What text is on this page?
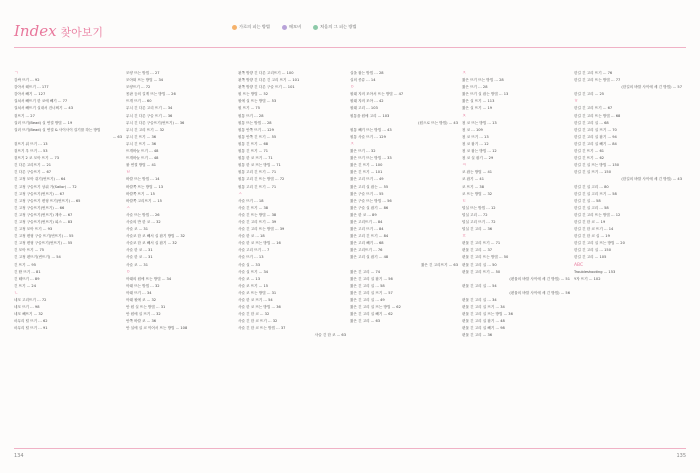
Index 찾아보기	가로의 피는 방법	메모비	처음의 그 피는 방법
ㄱ
감싸 뜨기 … 92
감아서 떼뜨기 … 177
감아서 빼기 … 127
걸쳐서 빼뜨기 한 코에 빼기 … 77
걸쳐서 빼뜨기 실내서 건너띄기 … 43
겉뜨기 … 27
걸러 뜨기(Bead) 실 연결 방법 … 19
걸러 뜨기(Bead) 실 연결 & 사이사이 걸기를 하는 방법
… 63
겉뜨기 위 뜨기 … 13
겉뜨기 우 뜨기 … 53
겉뜨기 2 코 모아 뜨기 … 73
긴 다른 고리뜨기 … 21
긴 다른 구슬뜨기 … 67
긴 고정 모아 쥐기(번뜨기) … 64
긴 고정 구슬뜨기 상위 가(Sailor) … 72
긴 고정 구슬뜨기(번뜨기) … 67
긴 고정 구슬뜨기 변형 뜨기(번뜨기) … 65
긴 고정 구슬뜨기(번뜨기) … 66
긴 고정 구슬뜨기(번뜨기) 계속 … 67
긴 고정 구슬뜨기(번뜨기) 피스 … 83
긴 고정 모아 뜨기 … 93
긴 고정 변형 구슬 뜨기(번뜨기) … 55
긴 고정 변형 구슬뜨기(번뜨기) … 55
긴 모아 뜨기 … 75
긴 고정 편뜨기(번뜨기) … 54
긴 뜨기 … 95
긴 딴 뜨기 … 81
긴 떼뜨기 … 89
긴 뜨기 … 24
ㄴ
네모 고리뜨기 … 72
네모 뜨기 … 98
네모 빼뜨기 … 32
마무리 털 뜨기 … 62
마무리 털 뜨기 … 91
모양 뜨는 방법 … 27
모아떠 뜨는 방법 … 34
모양뜨기 … 72
몸판 등의 길게 뜨는 방법 … 26
뜨개 뜨기 … 60
무늬 긴 다른 고리 뜨기 … 34
무늬 긴 다른 구슬 뜨기 … 36
무늬 긴 다른 구슬뜨기(번뜨기) … 36
무늬 긴 고리 뜨기 … 32
무늬 긴 뜨기 … 36
무늬 긴 뜨기 … 36
뜨개바늘 뜨기 … 48
뜨개바늘 뜨기 … 48
불 연결 방법 … 41
ㅂ
바깥 뜨는 방법 … 14
바깥쪽 뜨는 방법 … 13
바깥쪽 뜨기 … 15
바깥쪽 고리뜨기 … 15
ㅅ
사슬 뜨는 방법 … 26
사슬의 반 한 코 … 32
사슬 코 … 31
사슬코 한 코 빼서 실 잡기 방법 … 32
사슬코 한 코 빼서 실 잡기 … 32
사슬 한 코 … 31
사슬 한 코 … 31
사슬 코 … 31
ㅇ
아래의 원에 뜨는 방법 … 34
아래 뜨는 방법 … 32
아래 뜨기 … 34
아래 원에 코 … 32
안 원 실 뜨는 방법 … 31
안 원에 실 뜨기 … 32
안쪽 바깥 코 … 36
안 실에 실 코 이어서 뜨는 방법 … 108
왼쪽 방향 긴 다른 고리뜨기 … 100
왼쪽 방향 긴 다른 긴 고리 뜨기 … 101
왼쪽 방향 긴 다른 구슬 뜨기 … 101
원 뜨는 방법 … 52
원에 실 뜨는 방법 … 53
원 뜨기 … 75
원통 뜨기 … 28
원통 뜨는 방법 … 28
원통 안쪽 뜨기 … 129
원통 안쪽 긴 뜨기 … 55
원통 긴 뜨기 … 68
원통 긴 뜨기 … 71
원통 한 코 뜨기 … 71
원통 한 코 뜨는 방법 … 71
원통 고리 긴 뜨기 … 71
원통 고리 긴 뜨는 방법 … 72
원통 고리 긴 뜨기 … 71
ㅅ
사슬 뜨기 … 18
사슬 긴 뜨기 … 38
사슬 긴 뜨는 방법 … 38
사슬 긴 고리 뜨기 … 39
사슬 긴 고리 뜨는 방법 … 39
사슬 한 코 … 18
사슬 한 코 뜨는 방법 … 16
사슬 고리 뜨기 … 7
사슬 뜨기 … 13
사슬 실 … 33
사슬 실 뜨기 … 34
사슬 코 … 13
사슬 코 뜨기 … 15
사슬 코 뜨는 방법 … 31
사슬 한 코 뜨기 … 54
사슬 한 코 뜨는 방법 … 36
사슬 긴 한 코 … 32
사슬 긴 한 코 뜨기 … 32
사슬 긴 한 코 뜨는 방법 … 37
사슬 긴 한 코 … 63
실을 잡는 방법 … 28
실의 종류 … 14
ㅇ
원래 지켜 모아서 뜨는 방법 … 47
원래 지켜 모아 … 42
원래 고리 … 103
원통을 원에 고리 … 103
(원으로 뜨는 방법) … 43
원통 빼기 뜨는 방법 … 43
원통 사슬 뜨기 … 129
ㅈ
짧은 뜨기 … 32
짧은 뜨기 뜨는 방법 … 33
짧은 긴 뜨기 … 100
짧은 긴 뜨기 … 101
짧은 고리 뜨기 … 49
짧은 고리 실 잡는 … 55
짧은 구슬 뜨기 … 55
짧은 구슬 뜨는 방법 … 56
짧은 구슬 실 잡기 … 86
짧은 한 코 … 89
짧은 고리뜨기 … 84
짧은 고리 뜨기 … 84
짧은 고리 긴 뜨기 … 84
짧은 고리 빼기 … 68
짧은 고리뜨기 … 76
짧은 고리 실 잡기 … 48
짧은 긴 고리뜨기 … 63
짧은 긴 고리 … 74
짧은 긴 고리 실 잡기 … 56
짧은 긴 고리 실 … 58
짧은 긴 고리 실 뜨기 … 57
짧은 긴 고리 실 … 49
짧은 긴 고리 실 뜨는 방법 … 62
짧은 긴 고리 실 빼기 … 62
짧은 긴 고리 … 63
ㅈ
짧은 뜨기 뜨는 방법 … 28
짧은 뜨기 … 28
짧은 뜨기 실 잡는 방법 … 13
짧은 실 뜨기 … 113
짧은 실 뜨기 … 19
ㅊ
첫 코 뜨는 방법 … 13
첫 코 … 109
첫 코 뜨기 … 13
첫 코 잡기 … 12
첫 코 잡는 방법 … 12
첫 코 실 잡기 … 29
ㅋ
코 잡는 방법 … 41
코 잡기 … 41
코 뜨기 … 38
코 뜨는 방법 … 32
ㅌ
털실 뜨는 방법 … 12
털실 고리 … 72
털실 고리 뜨기 … 72
털실 긴 고리 … 36
ㅍ
편물 긴 고리 뜨기 … 71
편물 긴 고리 … 37
편물 긴 고리 뜨는 방법 … 50
편물 긴 고리 실 … 50
편물 긴 고리 뜨기 … 50
(편물의 바깥 사이에 세 긴 방법) … 51
편물 긴 고리 실 … 54
(편물의 바깥 사이에 세 긴 방법) … 56
편물 긴 고리 실 … 34
편물 긴 고리 실 뜨기 … 34
편물 긴 고리 실 뜨는 방법 … 36
편물 긴 고리 실 잡기 … 48
편물 긴 고리 실 빼기 … 98
편물 긴 고리 … 36
한길 긴 고리 뜨기 … 76
한길 긴 고리 뜨는 방법 … 77
(한길의 바깥 사이에 세 긴 방법) … 57
한길 긴 고리 … 25
ㅎ
한길 긴 고리 뜨기 … 67
한길 긴 고리 뜨는 방법 … 68
한길 긴 고리 실 … 68
한길 긴 고리 실 뜨기 … 70
한길 긴 고리 실 잡기 … 94
한길 긴 고리 실 빼기 … 84
한길 긴 뜨기 … 61
한길 긴 뜨기 … 62
한길 긴 실 뜨는 방법 … 150
한길 긴 실 뜨기 … 150
(한길의 바깥 사이에 세 긴 방법) … 43
한길 긴 실 고리 … 80
한길 긴 실 고리 뜨기 … 58
한길 긴 실 … 58
한길 긴 실 고리 … 58
한길 긴 고리 뜨는 방법 … 12
한길 긴 한 코 … 19
한길 긴 한 코 뜨기 … 14
한길 긴 한 코 실 … 19
한길 긴 고리 실 뜨는 방법 … 20
한길 긴 고리 실 … 150
한길 긴 고리 … 105
ABC
Troubleshooting … 153
Y자 뜨기 … 102
134	135
